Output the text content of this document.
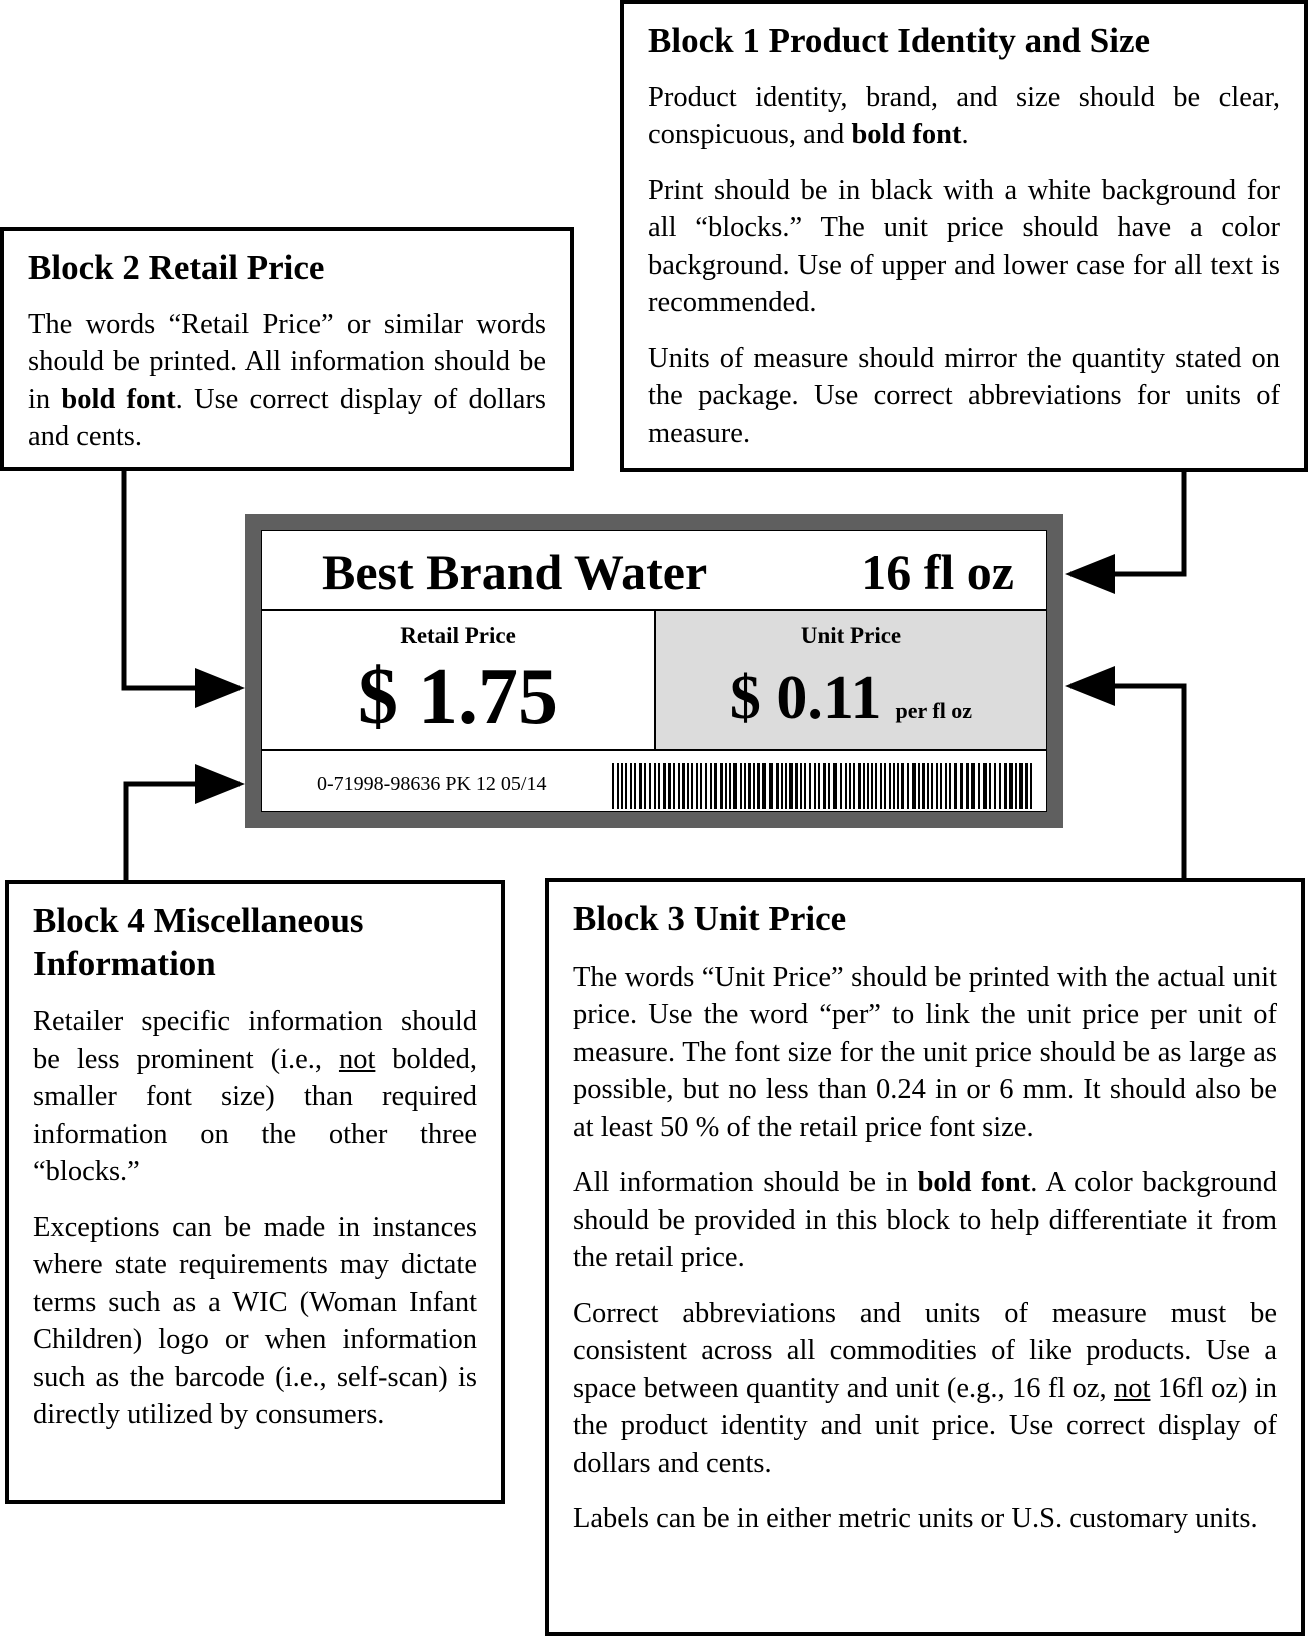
Block 1 Product Identity and Size

Product identity, brand, and size should be clear, conspicuous, and bold font.

Print should be in black with a white background for all “blocks.” The unit price should have a color background. Use of upper and lower case for all text is recommended.

Units of measure should mirror the quantity stated on the package. Use correct abbreviations for units of measure.

Block 2 Retail Price

The words “Retail Price” or similar words should be printed. All information should be in bold font. Use correct display of dollars and cents.

Best Brand Water	16 fl oz
Retail Price
$ 1.75
Unit Price
$ 0.11 per fl oz
0-71998-98636 PK 12 05/14
Block 4 Miscellaneous Information

Retailer specific information should be less prominent (i.e., not bolded, smaller font size) than required information on the other three “blocks.”

Exceptions can be made in instances where state requirements may dictate terms such as a WIC (Woman Infant Children) logo or when information such as the barcode (i.e., self-scan) is directly utilized by consumers.

Block 3 Unit Price

The words “Unit Price” should be printed with the actual unit price. Use the word “per” to link the unit price per unit of measure. The font size for the unit price should be as large as possible, but no less than 0.24 in or 6 mm. It should also be at least 50 % of the retail price font size.

All information should be in bold font. A color background should be provided in this block to help differentiate it from the retail price.

Correct abbreviations and units of measure must be consistent across all commodities of like products. Use a space between quantity and unit (e.g., 16 fl oz, not 16fl oz) in the product identity and unit price. Use correct display of dollars and cents.

Labels can be in either metric units or U.S. customary units.
